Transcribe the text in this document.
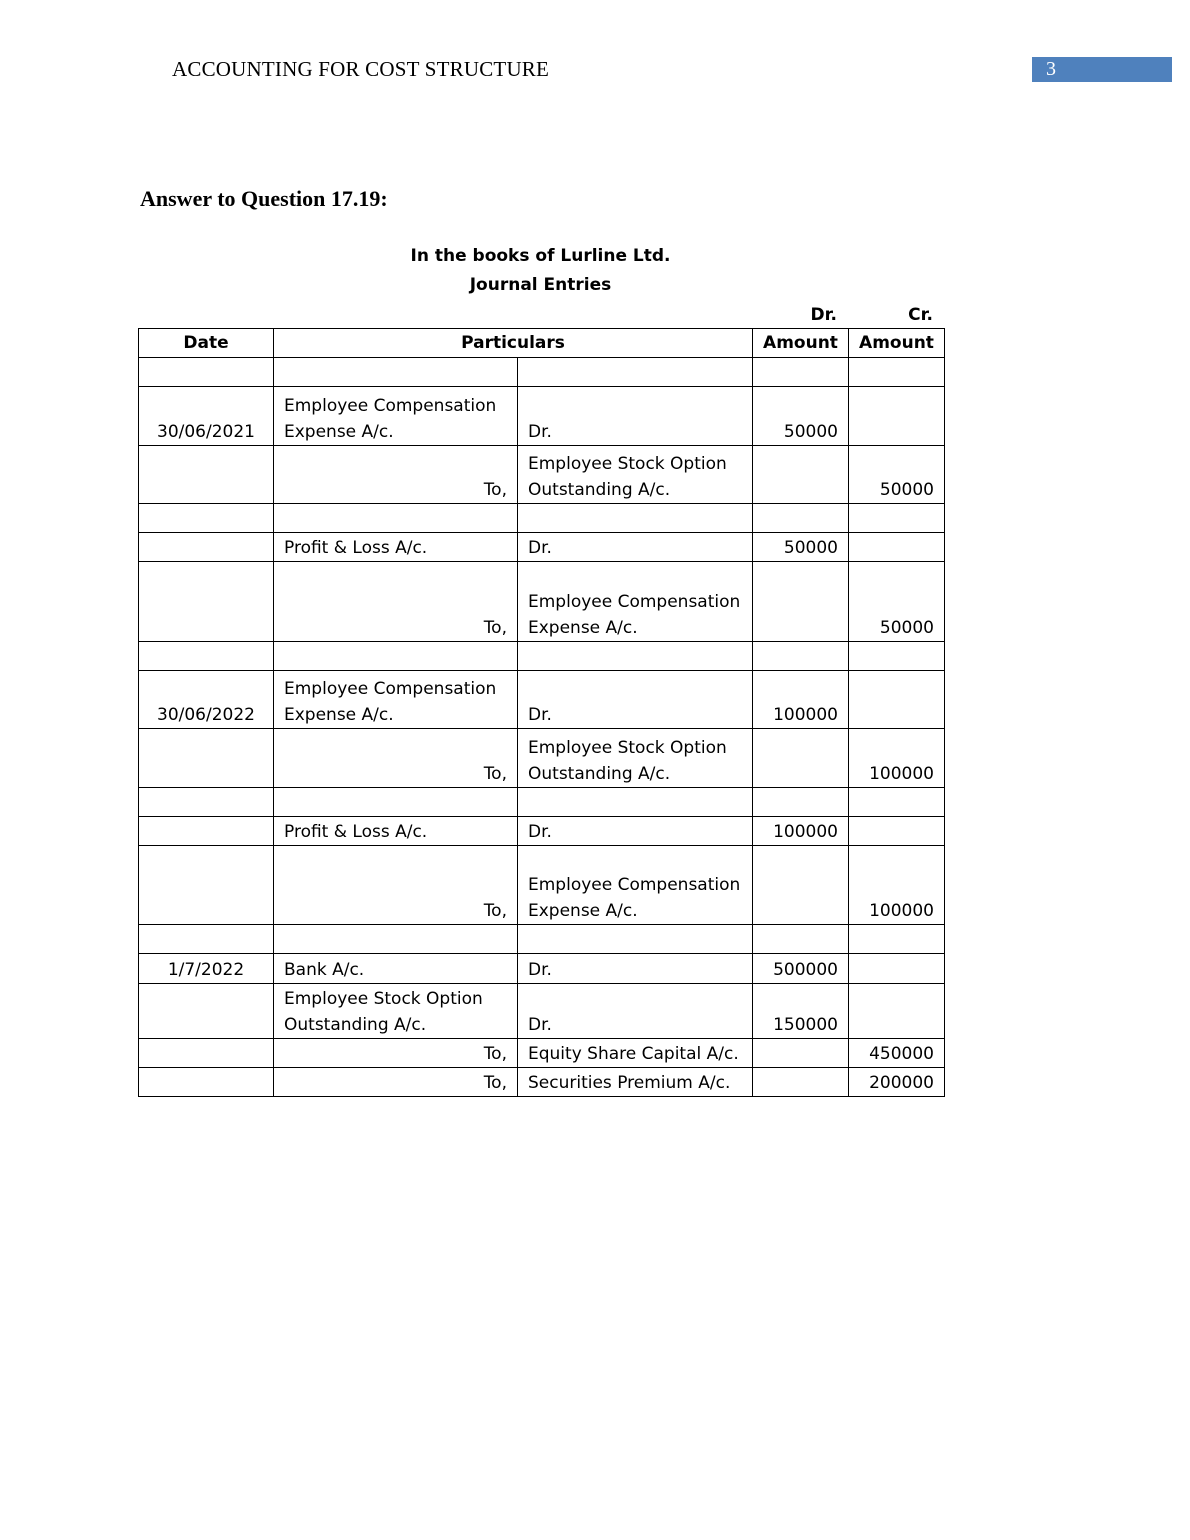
ACCOUNTING FOR COST STRUCTURE	3
Answer to Question 17.19:
In the books of Lurline Ltd.
Journal Entries
Dr.	Cr.
Date	Particulars		Amount	Amount

30/06/2021	Employee Compensation Expense A/c.	Dr.	50000	
	To,	Employee Stock Option Outstanding A/c.		50000

	Profit & Loss A/c.	Dr.	50000	
	To,	Employee Compensation Expense A/c.		50000

30/06/2022	Employee Compensation Expense A/c.	Dr.	100000	
	To,	Employee Stock Option Outstanding A/c.		100000

	Profit & Loss A/c.	Dr.	100000	
	To,	Employee Compensation Expense A/c.		100000

1/7/2022	Bank A/c.	Dr.	500000	
	Employee Stock Option Outstanding A/c.	Dr.	150000	
	To,	Equity Share Capital A/c.		450000
	To,	Securities Premium A/c.		200000
